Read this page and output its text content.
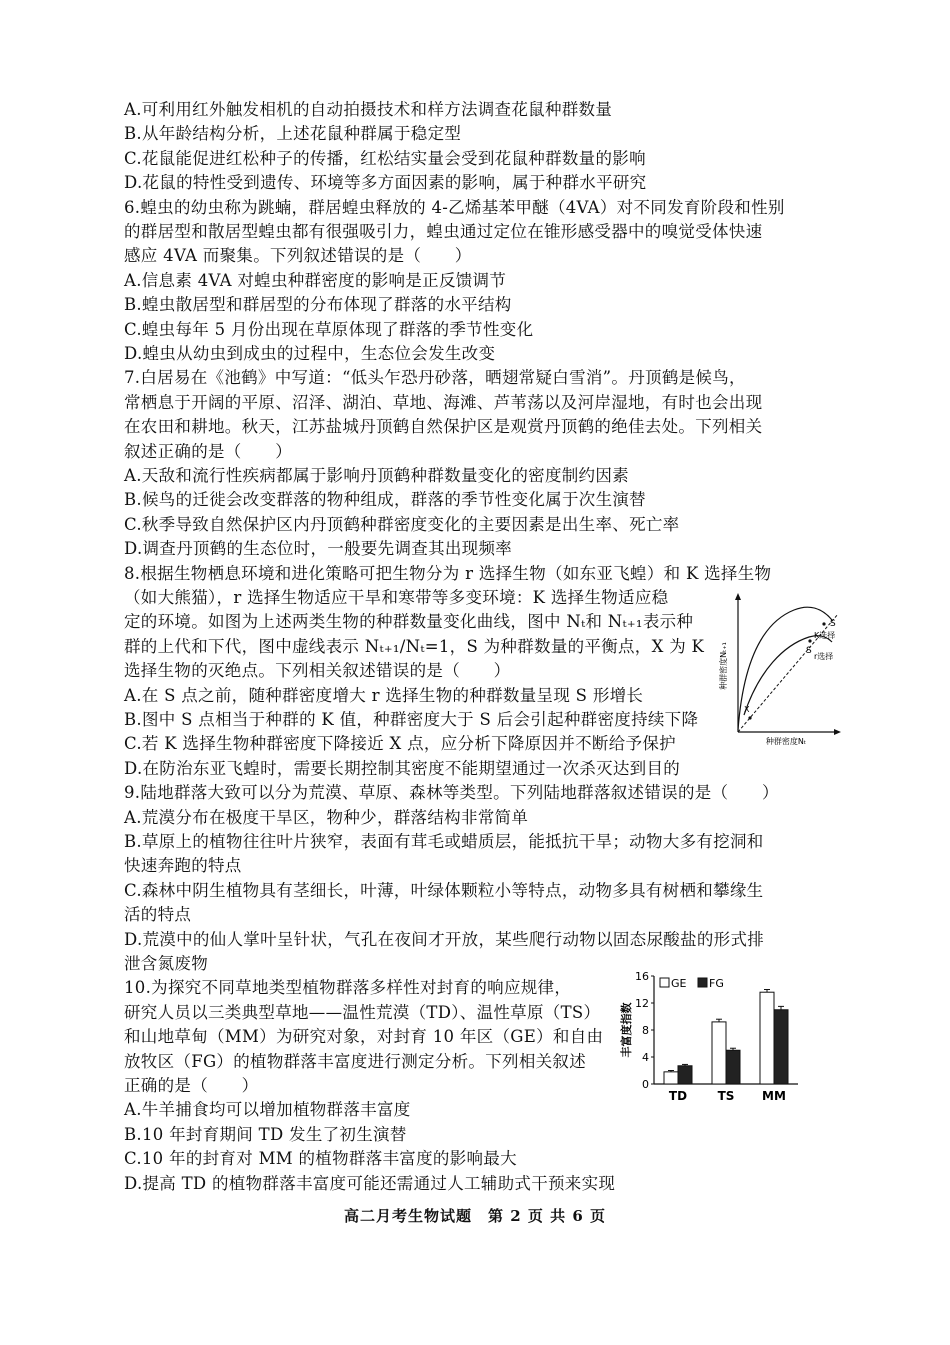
A.可利用红外触发相机的自动拍摄技术和样方法调查花鼠种群数量
B.从年龄结构分析，上述花鼠种群属于稳定型
C.花鼠能促进红松种子的传播，红松结实量会受到花鼠种群数量的影响
D.花鼠的特性受到遗传、环境等多方面因素的影响，属于种群水平研究
6.蝗虫的幼虫称为跳蝻，群居蝗虫释放的 4-乙烯基苯甲醚（4VA）对不同发育阶段和性别
的群居型和散居型蝗虫都有很强吸引力，蝗虫通过定位在锥形感受器中的嗅觉受体快速
感应 4VA 而聚集。下列叙述错误的是（　　）
A.信息素 4VA 对蝗虫种群密度的影响是正反馈调节
B.蝗虫散居型和群居型的分布体现了群落的水平结构
C.蝗虫每年 5 月份出现在草原体现了群落的季节性变化
D.蝗虫从幼虫到成虫的过程中，生态位会发生改变
7.白居易在《池鹤》中写道：“低头乍恐丹砂落，晒翅常疑白雪消”。丹顶鹤是候鸟，
常栖息于开阔的平原、沼泽、湖泊、草地、海滩、芦苇荡以及河岸湿地，有时也会出现
在农田和耕地。秋天，江苏盐城丹顶鹤自然保护区是观赏丹顶鹤的绝佳去处。下列相关
叙述正确的是（　　）
A.天敌和流行性疾病都属于影响丹顶鹤种群数量变化的密度制约因素
B.候鸟的迁徙会改变群落的物种组成，群落的季节性变化属于次生演替
C.秋季导致自然保护区内丹顶鹤种群密度变化的主要因素是出生率、死亡率
D.调查丹顶鹤的生态位时，一般要先调查其出现频率
8.根据生物栖息环境和进化策略可把生物分为 r 选择生物（如东亚飞蝗）和 K 选择生物
（如大熊猫），r 选择生物适应干旱和寒带等多变环境：K 选择生物适应稳
定的环境。如图为上述两类生物的种群数量变化曲线，图中 Nₜ和 Nₜ₊₁表示种
群的上代和下代，图中虚线表示 Nₜ₊₁/Nₜ=1，S 为种群数量的平衡点，X 为 K
选择生物的灭绝点。下列相关叙述错误的是（　　）
A.在 S 点之前，随种群密度增大 r 选择生物的种群数量呈现 S 形增长
B.图中 S 点相当于种群的 K 值，种群密度大于 S 后会引起种群密度持续下降
C.若 K 选择生物种群密度下降接近 X 点，应分析下降原因并不断给予保护
D.在防治东亚飞蝗时，需要长期控制其密度不能期望通过一次杀灭达到目的
9.陆地群落大致可以分为荒漠、草原、森林等类型。下列陆地群落叙述错误的是（　　）
A.荒漠分布在极度干旱区，物种少，群落结构非常简单
B.草原上的植物往往叶片狭窄，表面有茸毛或蜡质层，能抵抗干旱；动物大多有挖洞和
快速奔跑的特点
C.森林中阴生植物具有茎细长，叶薄，叶绿体颗粒小等特点，动物多具有树栖和攀缘生
活的特点
D.荒漠中的仙人掌叶呈针状，气孔在夜间才开放，某些爬行动物以固态尿酸盐的形式排
泄含氮废物
10.为探究不同草地类型植物群落多样性对封育的响应规律，
研究人员以三类典型草地——温性荒漠（TD）、温性草原（TS）
和山地草甸（MM）为研究对象，对封育 10 年区（GE）和自由
放牧区（FG）的植物群落丰富度进行测定分析。下列相关叙述
正确的是（　　）
A.牛羊捕食均可以增加植物群落丰富度
B.10 年封育期间 TD 发生了初生演替
C.10 年的封育对 MM 的植物群落丰富度的影响最大
D.提高 TD 的植物群落丰富度可能还需通过人工辅助式干预来实现
S
S
K选择
r选择
X
种群密度Nₜ
种群密度Nₜ₊₁
0
4
8
12
16
丰富度指数
TD	TS MM
GE FG
高二月考生物试题　第 2 页 共 6 页
